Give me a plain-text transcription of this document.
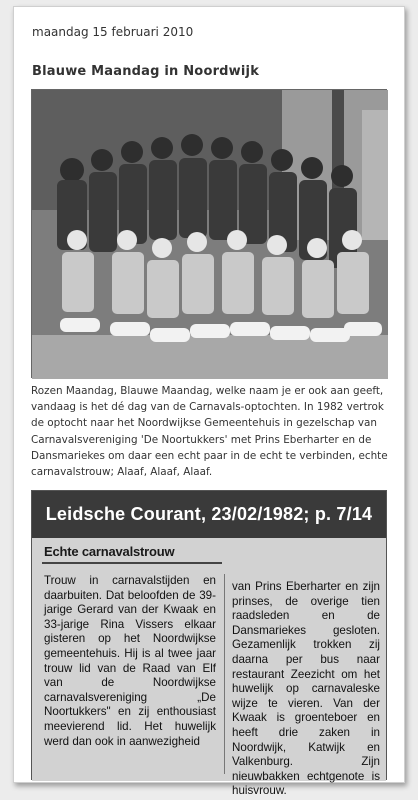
maandag 15 februari 2010
Blauwe Maandag in Noordwijk
Rozen Maandag, Blauwe Maandag, welke naam je er ook aan geeft, vandaag is het dé dag van de Carnavals-optochten. In 1982 vertrok de optocht naar het Noordwijkse Gemeentehuis in gezelschap van Carnavalsvereniging 'De Noortukkers' met Prins Eberharter en de Dansmariekes om daar een echt paar in de echt te verbinden, echte carnavalstrouw; Alaaf, Alaaf, Alaaf.
Leidsche Courant, 23/02/1982; p. 7/14
Echte carnavalstrouw
Trouw in carnavalstijden en daarbuiten. Dat beloofden de 39-jarige Gerard van der Kwaak en 33-jarige Rina Vissers elkaar gisteren op het Noordwijkse gemeentehuis. Hij is al twee jaar trouw lid van de Raad van Elf van de Noordwijkse carnavalsvereniging „De Noortukkers" en zij enthousiast meevierend lid. Het huwelijk werd dan ook in aanwezigheid
van Prins Eberharter en zijn prinses, de overige tien raadsleden en de Dansmariekes gesloten. Gezamenlijk trokken zij daarna per bus naar restaurant Zeezicht om het huwelijk op carnavaleske wijze te vieren. Van der Kwaak is groenteboer en heeft drie zaken in Noordwijk, Katwijk en Valkenburg. Zijn nieuwbakken echtgenote is huisvrouw.
